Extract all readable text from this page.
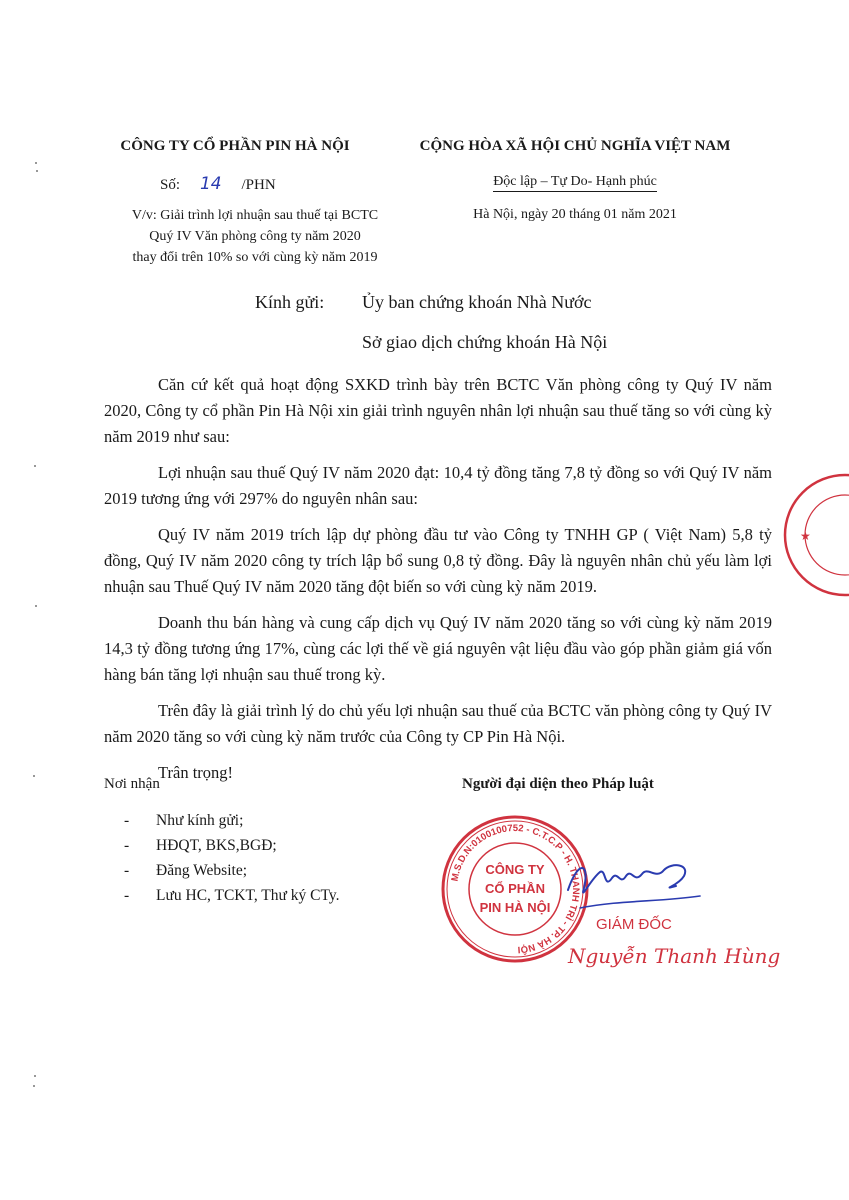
CÔNG TY CỔ PHẦN PIN HÀ NỘI
Số: 14 /PHN
V/v: Giải trình lợi nhuận sau thuế tại BCTC
Quý IV Văn phòng công ty năm 2020
thay đổi trên 10% so với cùng kỳ năm 2019
CỘNG HÒA XÃ HỘI CHỦ NGHĨA VIỆT NAM
Độc lập – Tự Do- Hạnh phúc
Hà Nội, ngày 20 tháng 01 năm 2021
Kính gửi: Ủy ban chứng khoán Nhà Nước
Sở giao dịch chứng khoán Hà Nội

Căn cứ kết quả hoạt động SXKD trình bày trên BCTC Văn phòng công ty Quý IV năm 2020, Công ty cổ phần Pin Hà Nội xin giải trình nguyên nhân lợi nhuận sau thuế tăng so với cùng kỳ năm 2019 như sau:

Lợi nhuận sau thuế Quý IV năm 2020 đạt: 10,4 tỷ đồng tăng 7,8 tỷ đồng so với Quý IV năm 2019 tương ứng với 297% do nguyên nhân sau:

Quý IV năm 2019 trích lập dự phòng đầu tư vào Công ty TNHH GP ( Việt Nam) 5,8 tỷ đồng, Quý IV năm 2020 công ty trích lập bổ sung 0,8 tỷ đồng. Đây là nguyên nhân chủ yếu làm lợi nhuận sau Thuế Quý IV năm 2020 tăng đột biến so với cùng kỳ năm 2019.

Doanh thu bán hàng và cung cấp dịch vụ Quý IV năm 2020 tăng so với cùng kỳ năm 2019 14,3 tỷ đồng tương ứng 17%, cùng các lợi thế về giá nguyên vật liệu đầu vào góp phần giảm giá vốn hàng bán tăng lợi nhuận sau thuế trong kỳ.

Trên đây là giải trình lý do chủ yếu lợi nhuận sau thuế của BCTC văn phòng công ty Quý IV năm 2020 tăng so với cùng kỳ năm trước của Công ty CP Pin Hà Nội.

Trân trọng!

Nơi nhận
- Như kính gửi;
- HĐQT, BKS,BGĐ;
- Đăng Website;
- Lưu HC, TCKT, Thư ký CTy.
Người đại diện theo Pháp luật
M.S.D.N:0100100752 - C.T.C.P - H. THANH TRÌ - TP. HÀ NỘI
CÔNG TY
CỔ PHẦN
PIN HÀ NỘI
GIÁM ĐỐC
Nguyễn Thanh Hùng
★
